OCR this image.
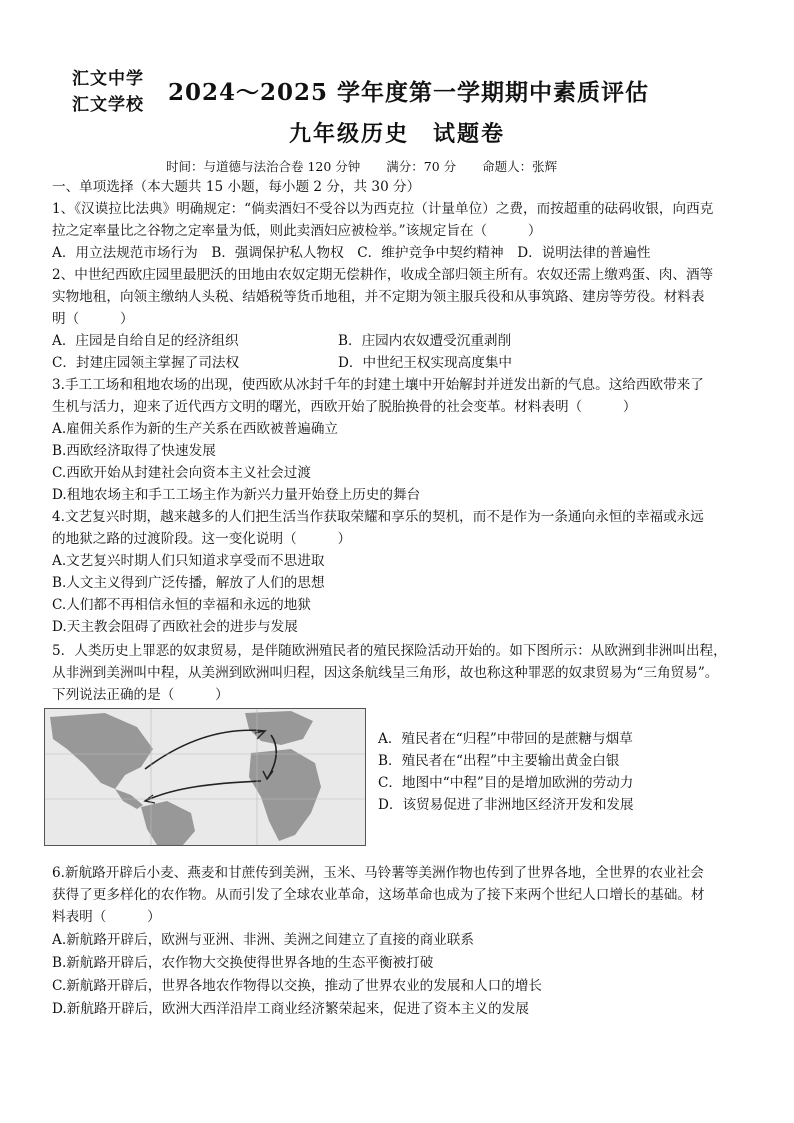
汇文中学
汇文学校 2024～2025 学年度第一学期期中素质评估
九年级历史　试题卷
时间：与道德与法治合卷 120 分钟 满分：70 分 命题人：张辉
一、单项选择（本大题共 15 小题，每小题 2 分，共 30 分）
1、《汉谟拉比法典》明确规定：“倘卖酒妇不受谷以为西克拉（计量单位）之费，而按超重的砝码收银，向西克
拉之定率量比之谷物之定率量为低，则此卖酒妇应被检举。”该规定旨在（　　　）
A．用立法规范市场行为　B．强调保护私人物权　C．维护竞争中契约精神　D．说明法律的普遍性
2、中世纪西欧庄园里最肥沃的田地由农奴定期无偿耕作，收成全部归领主所有。农奴还需上缴鸡蛋、肉、酒等
实物地租，向领主缴纳人头税、结婚税等货币地租，并不定期为领主服兵役和从事筑路、建房等劳役。材料表
明（　　　）
A．庄园是自给自足的经济组织	B．庄园内农奴遭受沉重剥削
C．封建庄园领主掌握了司法权	D．中世纪王权实现高度集中
3.手工工场和租地农场的出现，使西欧从冰封千年的封建土壤中开始解封并迸发出新的气息。这给西欧带来了
生机与活力，迎来了近代西方文明的曙光，西欧开始了脱胎换骨的社会变革。材料表明（　　　）
A.雇佣关系作为新的生产关系在西欧被普遍确立
B.西欧经济取得了快速发展
C.西欧开始从封建社会向资本主义社会过渡
D.租地农场主和手工工场主作为新兴力量开始登上历史的舞台
4.文艺复兴时期，越来越多的人们把生活当作获取荣耀和享乐的契机，而不是作为一条通向永恒的幸福或永远
的地狱之路的过渡阶段。这一变化说明（　　　）
A.文艺复兴时期人们只知道求享受而不思进取
B.人文主义得到广泛传播，解放了人们的思想
C.人们都不再相信永恒的幸福和永远的地狱
D.天主教会阻碍了西欧社会的进步与发展
5．人类历史上罪恶的奴隶贸易，是伴随欧洲殖民者的殖民探险活动开始的。如下图所示：从欧洲到非洲叫出程，
从非洲到美洲叫中程，从美洲到欧洲叫归程，因这条航线呈三角形，故也称这种罪恶的奴隶贸易为“三角贸易”。
下列说法正确的是（　　　）
A．殖民者在“归程”中带回的是蔗糖与烟草
B．殖民者在“出程”中主要输出黄金白银
C．地图中“中程”目的是增加欧洲的劳动力
D．该贸易促进了非洲地区经济开发和发展
6.新航路开辟后小麦、燕麦和甘蔗传到美洲，玉米、马铃薯等美洲作物也传到了世界各地，全世界的农业社会
获得了更多样化的农作物。从而引发了全球农业革命，这场革命也成为了接下来两个世纪人口增长的基础。材
料表明（　　　）
A.新航路开辟后，欧洲与亚洲、非洲、美洲之间建立了直接的商业联系
B.新航路开辟后，农作物大交换使得世界各地的生态平衡被打破
C.新航路开辟后，世界各地农作物得以交换，推动了世界农业的发展和人口的增长
D.新航路开辟后，欧洲大西洋沿岸工商业经济繁荣起来，促进了资本主义的发展
